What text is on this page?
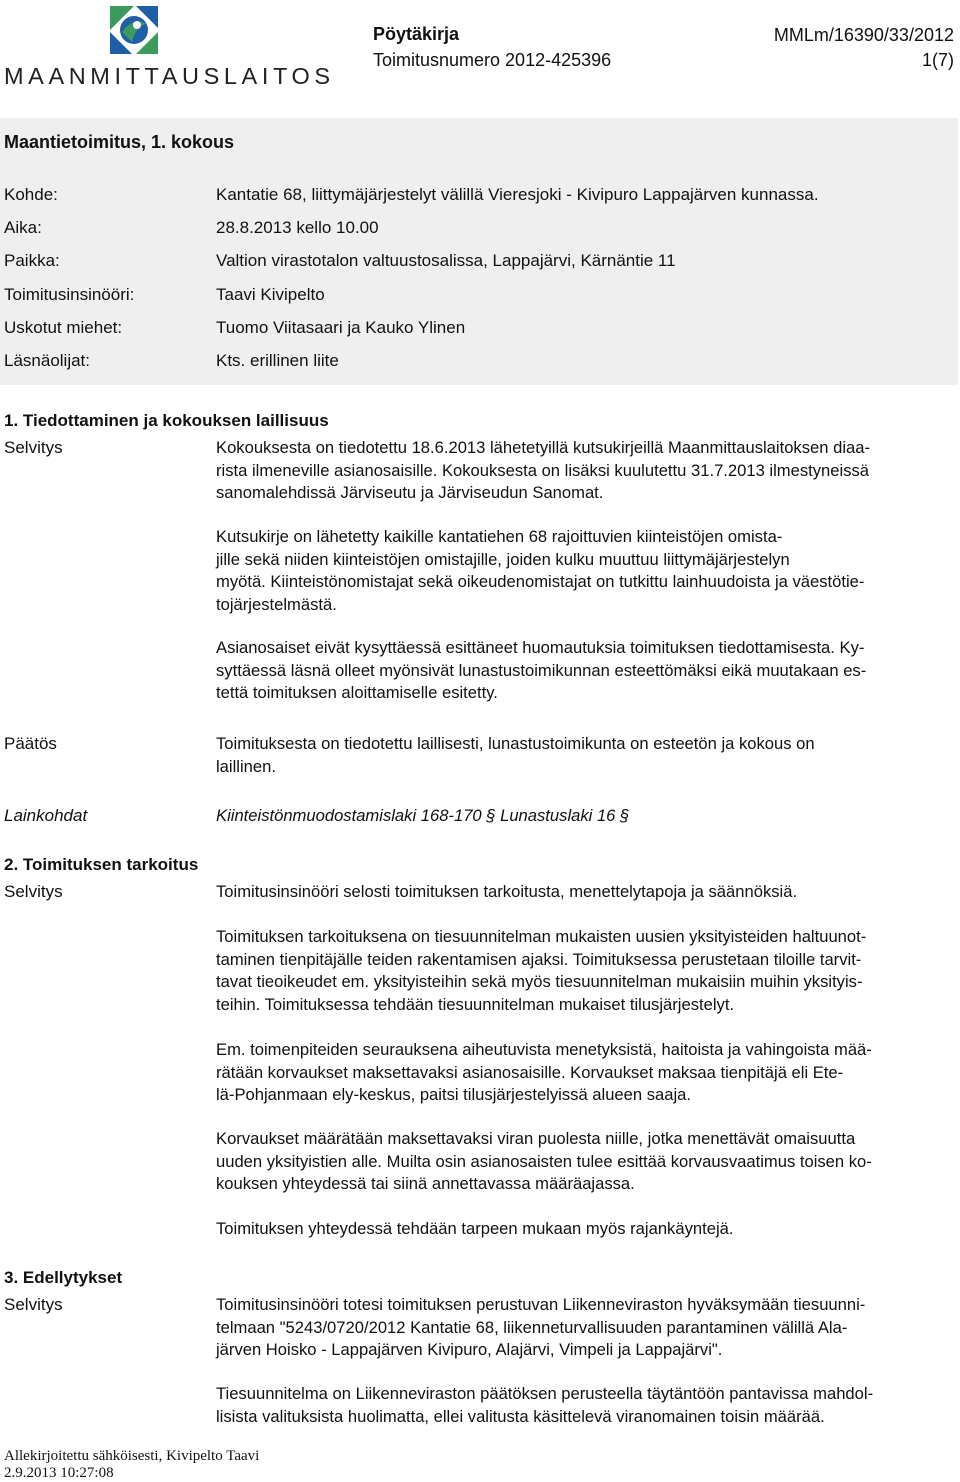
MAANMITTAUSLAITOS
Pöytäkirja	MMLm/16390/33/2012
Toimitusnumero 2012-425396	1(7)
Maantietoimitus, 1. kokous
Kohde:	Kantatie 68, liittymäjärjestelyt välillä Vieresjoki - Kivipuro Lappajärven kunnassa.
Aika:	28.8.2013 kello 10.00
Paikka:	Valtion virastotalon valtuustosalissa, Lappajärvi, Kärnäntie 11
Toimitusinsinööri:	Taavi Kivipelto
Uskotut miehet:	Tuomo Viitasaari ja Kauko Ylinen
Läsnäolijat:	Kts. erillinen liite
1. Tiedottaminen ja kokouksen laillisuus
Selvitys	Kokouksesta on tiedotettu 18.6.2013 lähetetyillä kutsukirjeillä Maanmittauslaitoksen diaa-
rista ilmeneville asianosaisille. Kokouksesta on lisäksi kuulutettu 31.7.2013 ilmestyneissä
sanomalehdissä Järviseutu ja Järviseudun Sanomat.
Kutsukirje on lähetetty kaikille kantatiehen 68 rajoittuvien kiinteistöjen omista-
jille sekä niiden kiinteistöjen omistajille, joiden kulku muuttuu liittymäjärjestelyn
myötä. Kiinteistönomistajat sekä oikeudenomistajat on tutkittu lainhuudoista ja väestötie-
tojärjestelmästä.
Asianosaiset eivät kysyttäessä esittäneet huomautuksia toimituksen tiedottamisesta. Ky-
syttäessä läsnä olleet myönsivät lunastustoimikunnan esteettömäksi eikä muutakaan es-
tettä toimituksen aloittamiselle esitetty.
Päätös	Toimituksesta on tiedotettu laillisesti, lunastustoimikunta on esteetön ja kokous on
laillinen.
Lainkohdat	Kiinteistönmuodostamislaki 168-170 § Lunastuslaki 16 §
2. Toimituksen tarkoitus
Selvitys	Toimitusinsinööri selosti toimituksen tarkoitusta, menettelytapoja ja säännöksiä.
Toimituksen tarkoituksena on tiesuunnitelman mukaisten uusien yksityisteiden haltuunot-
taminen tienpitäjälle teiden rakentamisen ajaksi. Toimituksessa perustetaan tiloille tarvit-
tavat tieoikeudet em. yksityisteihin sekä myös tiesuunnitelman mukaisiin muihin yksityis-
teihin. Toimituksessa tehdään tiesuunnitelman mukaiset tilusjärjestelyt.
Em. toimenpiteiden seurauksena aiheutuvista menetyksistä, haitoista ja vahingoista mää-
rätään korvaukset maksettavaksi asianosaisille. Korvaukset maksaa tienpitäjä eli Ete-
lä-Pohjanmaan ely-keskus, paitsi tilusjärjestelyissä alueen saaja.
Korvaukset määrätään maksettavaksi viran puolesta niille, jotka menettävät omaisuutta
uuden yksityistien alle. Muilta osin asianosaisten tulee esittää korvausvaatimus toisen ko-
kouksen yhteydessä tai siinä annettavassa määräajassa.
Toimituksen yhteydessä tehdään tarpeen mukaan myös rajankäyntejä.
3. Edellytykset
Selvitys	Toimitusinsinööri totesi toimituksen perustuvan Liikenneviraston hyväksymään tiesuunni-
telmaan "5243/0720/2012 Kantatie 68, liikenneturvallisuuden parantaminen välillä Ala-
järven Hoisko - Lappajärven Kivipuro, Alajärvi, Vimpeli ja Lappajärvi".
Tiesuunnitelma on Liikenneviraston päätöksen perusteella täytäntöön pantavissa mahdol-
lisista valituksista huolimatta, ellei valitusta käsittelevä viranomainen toisin määrää.
Allekirjoitettu sähköisesti, Kivipelto Taavi
2.9.2013 10:27:08
